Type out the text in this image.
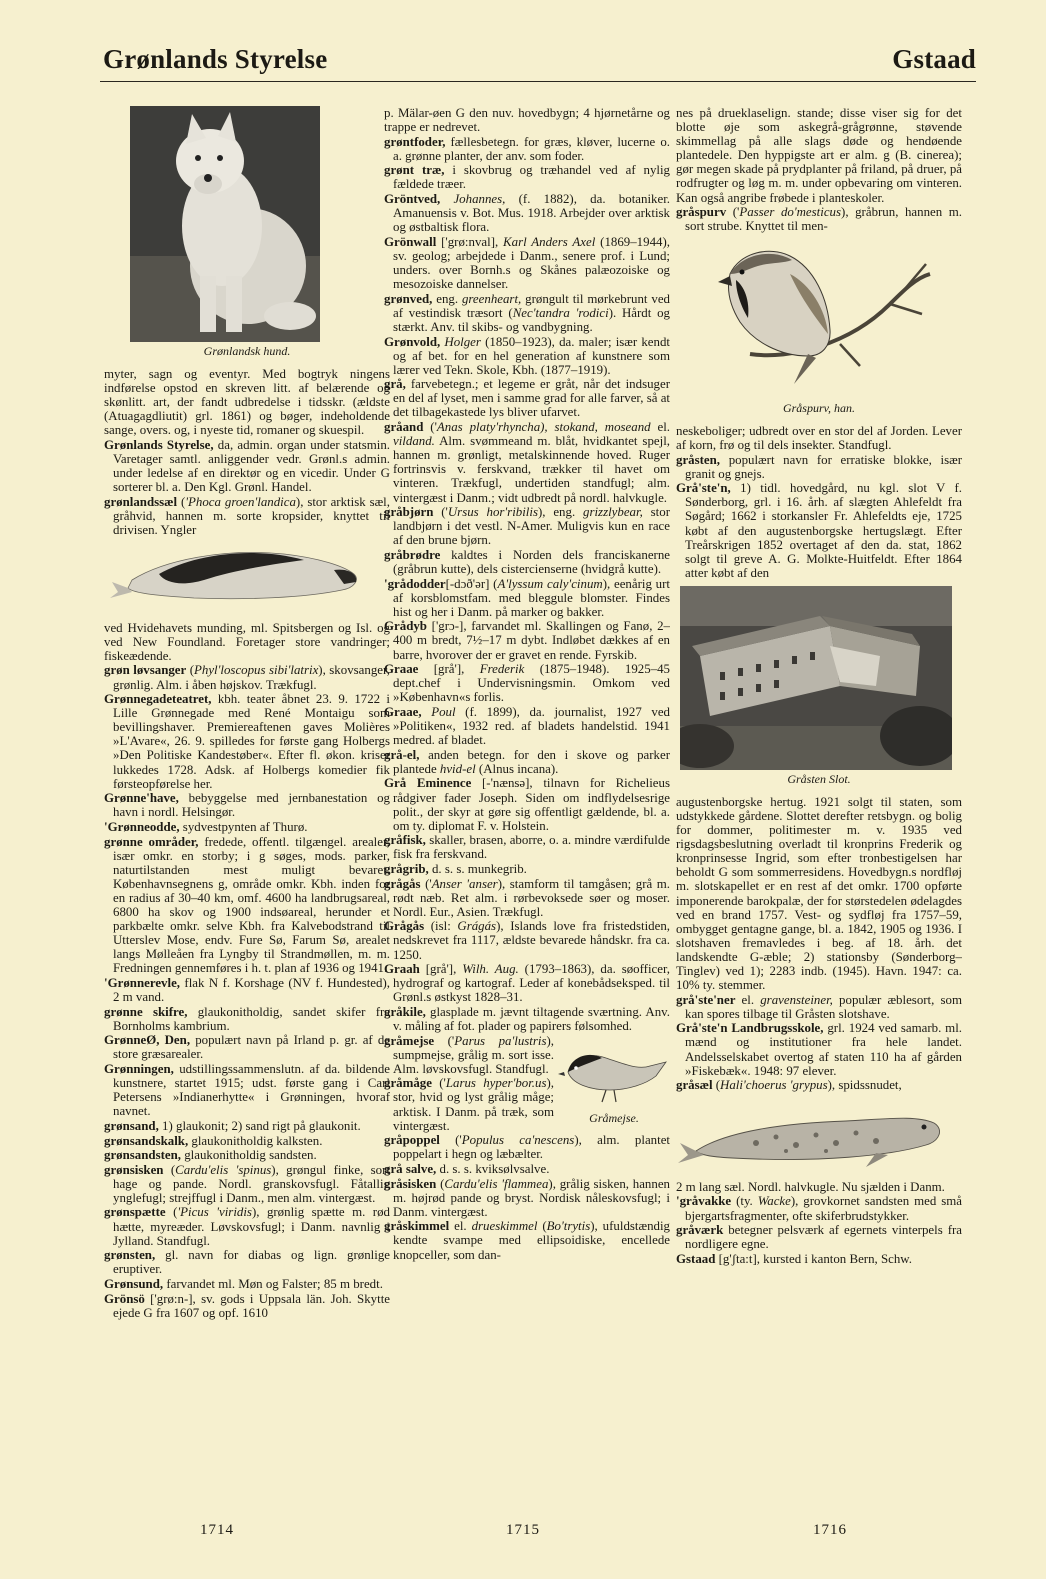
Grønlands Styrelse	Gstaad
Grønlandsk hund.

myter, sagn og eventyr. Med bogtryk ningens indførelse opstod en skreven litt. af belærende og skønlitt. art, der fandt udbredelse i tidsskr. (ældste (Atuagagdliutit) grl. 1861) og bøger, indeholdende sange, overs. og, i nyeste tid, romaner og skuespil.

Grønlands Styrelse, da, admin. organ under statsmin. Varetager samtl. anliggender vedr. Grønl.s admin. under ledelse af en direktør og en vicedir. Under G sorterer bl. a. Den Kgl. Grønl. Handel.

grønlandssæl ('Phoca groen'landica), stor arktisk sæl, gråhvid, hannen m. sorte kropsider, knyttet til drivisen. Yngler

ved Hvidehavets munding, ml. Spitsbergen og Isl. og ved New Foundland. Foretager store vandringer; fiskeædende.

grøn løvsanger (Phyl'loscopus sibi'latrix), skovsanger, grønlig. Alm. i åben højskov. Trækfugl.

Grønnegadeteatret, kbh. teater åbnet 23. 9. 1722 i Lille Grønnegade med René Montaigu som bevillingshaver. Premiereaftenen gaves Molières »L'Avare«, 26. 9. spilledes for første gang Holbergs »Den Politiske Kandestøber«. Efter fl. økon. kriser lukkedes 1728. Adsk. af Holbergs komedier fik førsteopførelse her.

Grønne'have, bebyggelse med jernbanestation og havn i nordl. Helsingør.

'Grønneodde, sydvestpynten af Thurø.

grønne områder, fredede, offentl. tilgængel. arealer, især omkr. en storby; i g søges, mods. parker, naturtilstanden mest muligt bevaret. Københavnsegnens g, område omkr. Kbh. inden for en radius af 30–40 km, omf. 4600 ha landbrugsareal, 6800 ha skov og 1900 indsøareal, herunder et parkbælte omkr. selve Kbh. fra Kalvebodstrand til Utterslev Mose, endv. Fure Sø, Farum Sø, arealet langs Mølleåen fra Lyngby til Strandmøllen, m. m. Fredningen gennemføres i h. t. plan af 1936 og 1941.

'Grønnerevle, flak N f. Korshage (NV f. Hundested), 2 m vand.

grønne skifre, glaukonitholdig, sandet skifer fra Bornholms kambrium.

GrønneØ, Den, populært navn på Irland p. gr. af de store græsarealer.

Grønningen, udstillingssammenslutn. af da. bildende kunstnere, startet 1915; udst. første gang i Carl Petersens »Indianerhytte« i Grønningen, hvoraf navnet.

grønsand, 1) glaukonit; 2) sand rigt på glaukonit.

grønsandskalk, glaukonitholdig kalksten.

grønsandsten, glaukonitholdig sandsten.

grønsisken (Cardu'elis 'spinus), grøngul finke, sort hage og pande. Nordl. granskovsfugl. Fåtallig ynglefugl; strejffugl i Danm., men alm. vintergæst.

grønspætte ('Picus 'viridis), grønlig spætte m. rød hætte, myreæder. Løvskovsfugl; i Danm. navnlig i Jylland. Standfugl.

grønsten, gl. navn for diabas og lign. grønlige eruptiver.

Grønsund, farvandet ml. Møn og Falster; 85 m bredt.

Grönsö ['grø:n-], sv. gods i Uppsala län. Joh. Skytte ejede G fra 1607 og opf. 1610

p. Mälar-øen G den nuv. hovedbygn; 4 hjørnetårne og trappe er nedrevet.

grøntfoder, fællesbetegn. for græs, kløver, lucerne o. a. grønne planter, der anv. som foder.

grønt træ, i skovbrug og træhandel ved af nylig fældede træer.

Gröntved, Johannes, (f. 1882), da. botaniker. Amanuensis v. Bot. Mus. 1918. Arbejder over arktisk og østbaltisk flora.

Grönwall ['grø:nval], Karl Anders Axel (1869–1944), sv. geolog; arbejdede i Danm., senere prof. i Lund; unders. over Bornh.s og Skånes palæozoiske og mesozoiske dannelser.

grønved, eng. greenheart, grøngult til mørkebrunt ved af vestindisk træsort (Nec'tandra 'rodici). Hårdt og stærkt. Anv. til skibs- og vandbygning.

Grønvold, Holger (1850–1923), da. maler; især kendt og af bet. for en hel generation af kunstnere som lærer ved Tekn. Skole, Kbh. (1877–1919).

grå, farvebetegn.; et legeme er gråt, når det indsuger en del af lyset, men i samme grad for alle farver, så at det tilbagekastede lys bliver ufarvet.

gråand ('Anas platy'rhyncha), stokand, moseand el. vildand. Alm. svømmeand m. blåt, hvidkantet spejl, hannen m. grønligt, metalskinnende hoved. Ruger fortrinsvis v. ferskvand, trækker til havet om vinteren. Trækfugl, undertiden standfugl; alm. vintergæst i Danm.; vidt udbredt på nordl. halvkugle.

gråbjørn ('Ursus hor'ribilis), eng. grizzlybear, stor landbjørn i det vestl. N-Amer. Muligvis kun en race af den brune bjørn.

gråbrødre kaldtes i Norden dels franciskanerne (gråbrun kutte), dels cistercienserne (hvidgrå kutte).

'grådodder[-dɔð'ər] (A'lyssum caly'cinum), eenårig urt af korsblomstfam. med bleggule blomster. Findes hist og her i Danm. på marker og bakker.

Grådyb ['grɔ-], farvandet ml. Skallingen og Fanø, 2–400 m bredt, 7½–17 m dybt. Indløbet dækkes af en barre, hvorover der er gravet en rende. Fyrskib.

Graae [grå'], Frederik (1875–1948). 1925–45 dept.chef i Undervisningsmin. Omkom ved »København«s forlis.

Graae, Poul (f. 1899), da. journalist, 1927 ved »Politiken«, 1932 red. af bladets handelstid. 1941 medred. af bladet.

grå-el, anden betegn. for den i skove og parker plantede hvid-el (Alnus incana).

Grå Eminence [-'nænsə], tilnavn for Richelieus rådgiver fader Joseph. Siden om indflydelsesrige polit., der skyr at gøre sig offentligt gældende, bl. a. om ty. diplomat F. v. Holstein.

gråfisk, skaller, brasen, aborre, o. a. mindre værdifulde fisk fra ferskvand.

grågrib, d. s. s. munkegrib.

grågås ('Anser 'anser), stamform til tamgåsen; grå m. rødt næb. Ret alm. i rørbevoksede søer og moser. Nordl. Eur., Asien. Trækfugl.

Grågås (isl: Grágás), Islands love fra fristedstiden, nedskrevet fra 1117, ældste bevarede håndskr. fra ca. 1250.

Graah [grå'], Wilh. Aug. (1793–1863), da. søofficer, hydrograf og kartograf. Leder af konebådseksped. til Grønl.s østkyst 1828–31.

gråkile, glasplade m. jævnt tiltagende sværtning. Anv. v. måling af fot. plader og papirers følsomhed.

Gråmejse.

gråmejse ('Parus pa'lustris), sumpmejse, grålig m. sort isse. Alm. løvskovsfugl. Standfugl.

gråmåge ('Larus hyper'bor.us), stor, hvid og lyst grålig måge; arktisk. I Danm. på træk, som vintergæst.

gråpoppel ('Populus ca'nescens), alm. plantet poppelart i hegn og læbælter.

grå salve, d. s. s. kviksølvsalve.

gråsisken (Cardu'elis 'flammea), grålig sisken, hannen m. højrød pande og bryst. Nordisk nåleskovsfugl; i Danm. vintergæst.

gråskimmel el. drueskimmel (Bo'trytis), ufuldstændig kendte svampe med ellipsoidiske, encellede knopceller, som dan-

nes på drueklaselign. stande; disse viser sig for det blotte øje som askegrå-grågrønne, støvende skimmellag på alle slags døde og hendøende plantedele. Den hyppigste art er alm. g (B. cinerea); gør megen skade på prydplanter på friland, på druer, på rodfrugter og løg m. m. under opbevaring om vinteren. Kan også angribe frøbede i planteskoler.

gråspurv ('Passer do'mesticus), gråbrun, hannen m. sort strube. Knyttet til men-

Gråspurv, han.

neskeboliger; udbredt over en stor del af Jorden. Lever af korn, frø og til dels insekter. Standfugl.

gråsten, populært navn for erratiske blokke, især granit og gnejs.

Grå'ste'n, 1) tidl. hovedgård, nu kgl. slot V f. Sønderborg, grl. i 16. årh. af slægten Ahlefeldt fra Søgård; 1662 i storkansler Fr. Ahlefeldts eje, 1725 købt af den augustenborgske hertugslægt. Efter Treårskrigen 1852 overtaget af den da. stat, 1862 solgt til greve A. G. Molkte-Huitfeldt. Efter 1864 atter købt af den

Gråsten Slot.

augustenborgske hertug. 1921 solgt til staten, som udstykkede gårdene. Slottet derefter retsbygn. og bolig for dommer, politimester m. v. 1935 ved rigsdagsbeslutning overladt til kronprins Frederik og kronprinsesse Ingrid, som efter tronbestigelsen har beholdt G som sommerresidens. Hovedbygn.s nordfløj m. slotskapellet er en rest af det omkr. 1700 opførte imponerende barokpalæ, der for størstedelen ødelagdes ved en brand 1757. Vest- og sydfløj fra 1757–59, ombygget gentagne gange, bl. a. 1842, 1905 og 1936. I slotshaven fremavledes i beg. af 18. årh. det landskendte G-æble; 2) stationsby (Sønderborg–Tinglev) ved 1); 2283 indb. (1945). Havn. 1947: ca. 10% ty. stemmer.

grå'ste'ner el. gravensteiner, populær æblesort, som kan spores tilbage til Gråsten slotshave.

Grå'ste'n Landbrugsskole, grl. 1924 ved samarb. ml. mænd og institutioner fra hele landet. Andelsselskabet overtog af staten 110 ha af gården »Fiskebæk«. 1948: 97 elever.

gråsæl (Hali'choerus 'grypus), spidssnudet,

2 m lang sæl. Nordl. halvkugle. Nu sjælden i Danm.

'gråvakke (ty. Wacke), grovkornet sandsten med små bjergartsfragmenter, ofte skiferbrudstykker.

gråværk betegner pelsværk af egernets vinterpels fra nordligere egne.

Gstaad [g'ʃta:t], kursted i kanton Bern, Schw.

1714	1715	1716
